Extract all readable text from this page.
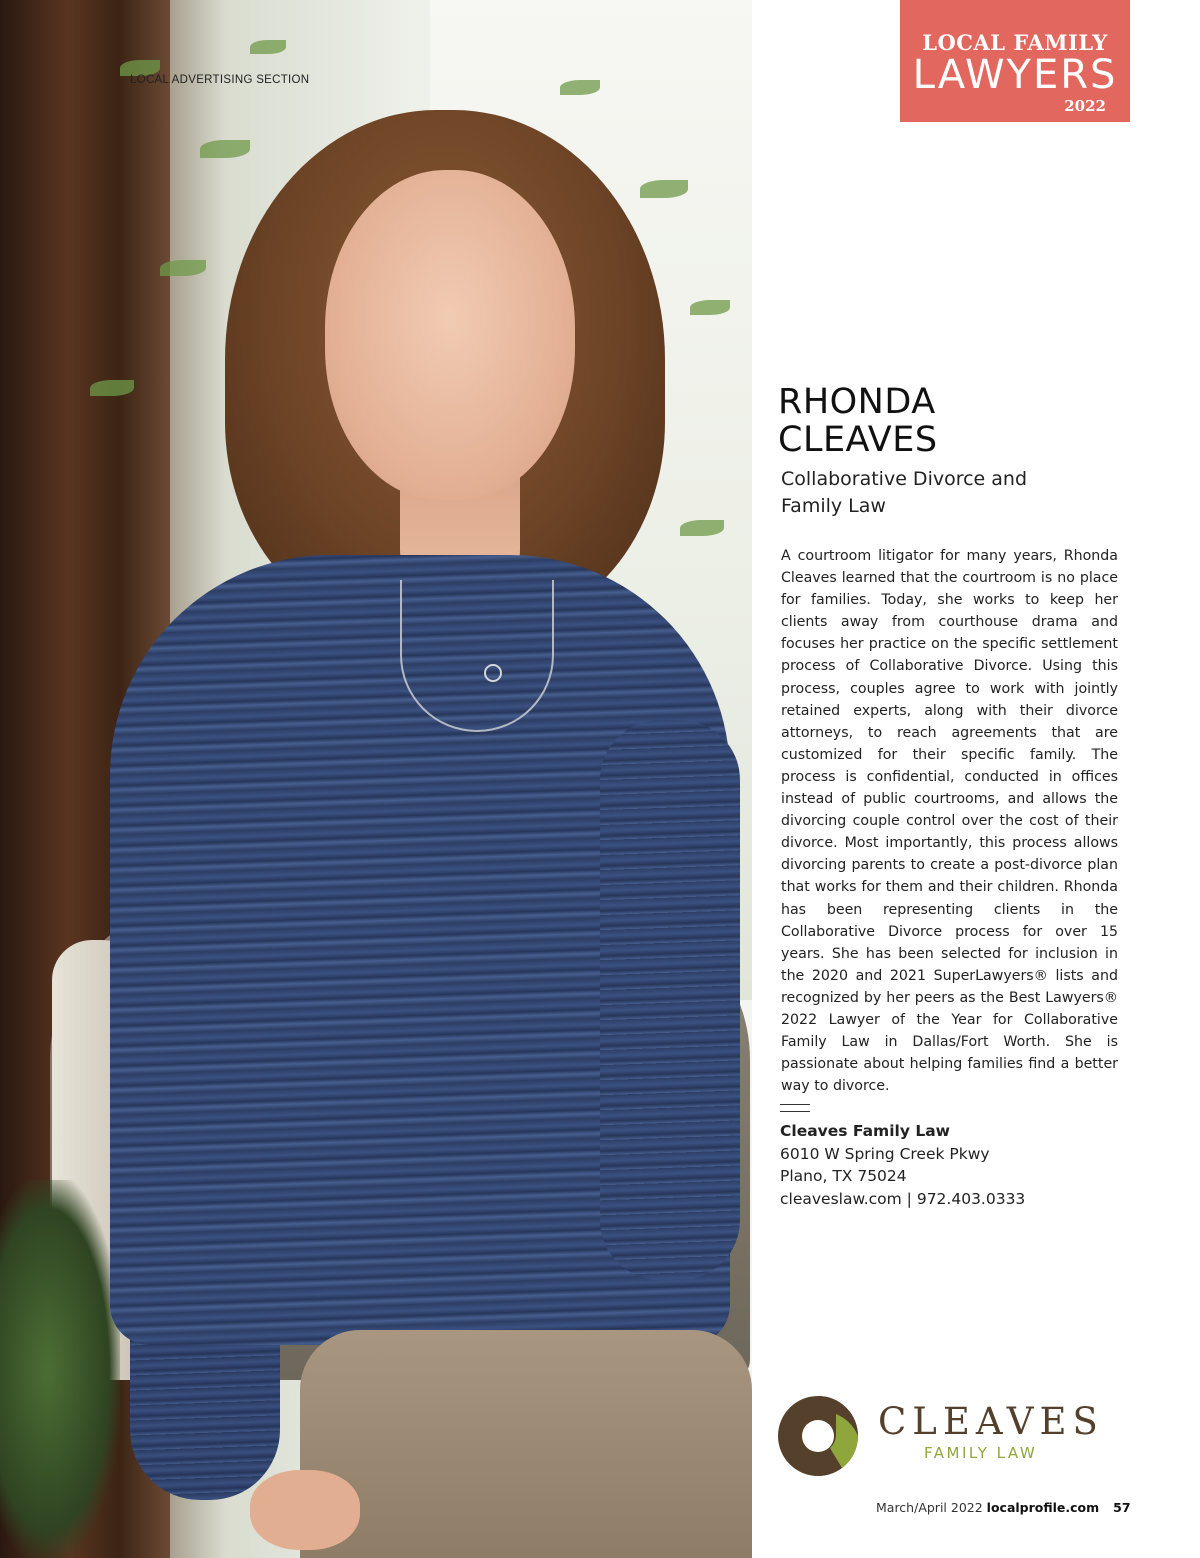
LOCAL ADVERTISING SECTION
LOCAL FAMILY
LAWYERS
2022
RHONDA
CLEAVES
Collaborative Divorce and Family Law
A courtroom litigator for many years, Rhonda Cleaves learned that the courtroom is no place for families. Today, she works to keep her clients away from courthouse drama and focuses her practice on the specific settlement process of Collaborative Divorce. Using this process, couples agree to work with jointly retained experts, along with their divorce attorneys, to reach agreements that are customized for their specific family. The process is confidential, conducted in offices instead of public courtrooms, and allows the divorcing couple control over the cost of their divorce. Most importantly, this process allows divorcing parents to create a post-divorce plan that works for them and their children. Rhonda has been representing clients in the Collaborative Divorce process for over 15 years. She has been selected for inclusion in the 2020 and 2021 SuperLawyers® lists and recognized by her peers as the Best Lawyers® 2022 Lawyer of the Year for Collaborative Family Law in Dallas/Fort Worth. She is passionate about helping families find a better way to divorce.
Cleaves Family Law
6010 W Spring Creek Pkwy
Plano, TX 75024
cleaveslaw.com | 972.403.0333
CLEAVES
FAMILY LAW
March/April 2022 localprofile.com 57
